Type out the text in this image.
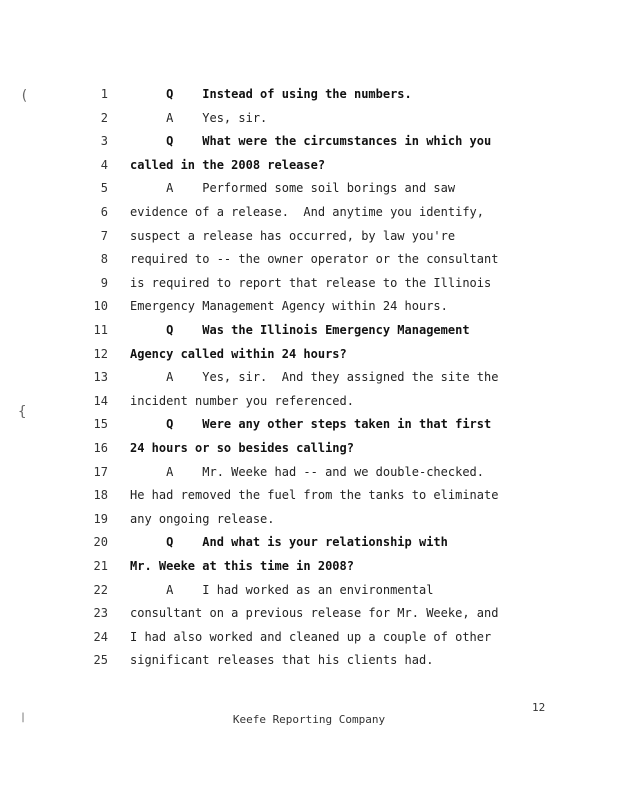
1 Q    Instead of using the numbers.
2 A    Yes, sir.
3 Q    What were the circumstances in which you
4 called in the 2008 release?
5 A    Performed some soil borings and saw
6 evidence of a release.  And anytime you identify,
7 suspect a release has occurred, by law you're
8 required to -- the owner operator or the consultant
9 is required to report that release to the Illinois
10 Emergency Management Agency within 24 hours.
11 Q    Was the Illinois Emergency Management
12 Agency called within 24 hours?
13 A    Yes, sir.  And they assigned the site the
14 incident number you referenced.
15 Q    Were any other steps taken in that first
16 24 hours or so besides calling?
17 A    Mr. Weeke had -- and we double-checked.
18 He had removed the fuel from the tanks to eliminate
19 any ongoing release.
20 Q    And what is your relationship with
21 Mr. Weeke at this time in 2008?
22 A    I had worked as an environmental
23 consultant on a previous release for Mr. Weeke, and
24 I had also worked and cleaned up a couple of other
25 significant releases that his clients had.
(
{
|
12
Keefe Reporting Company
